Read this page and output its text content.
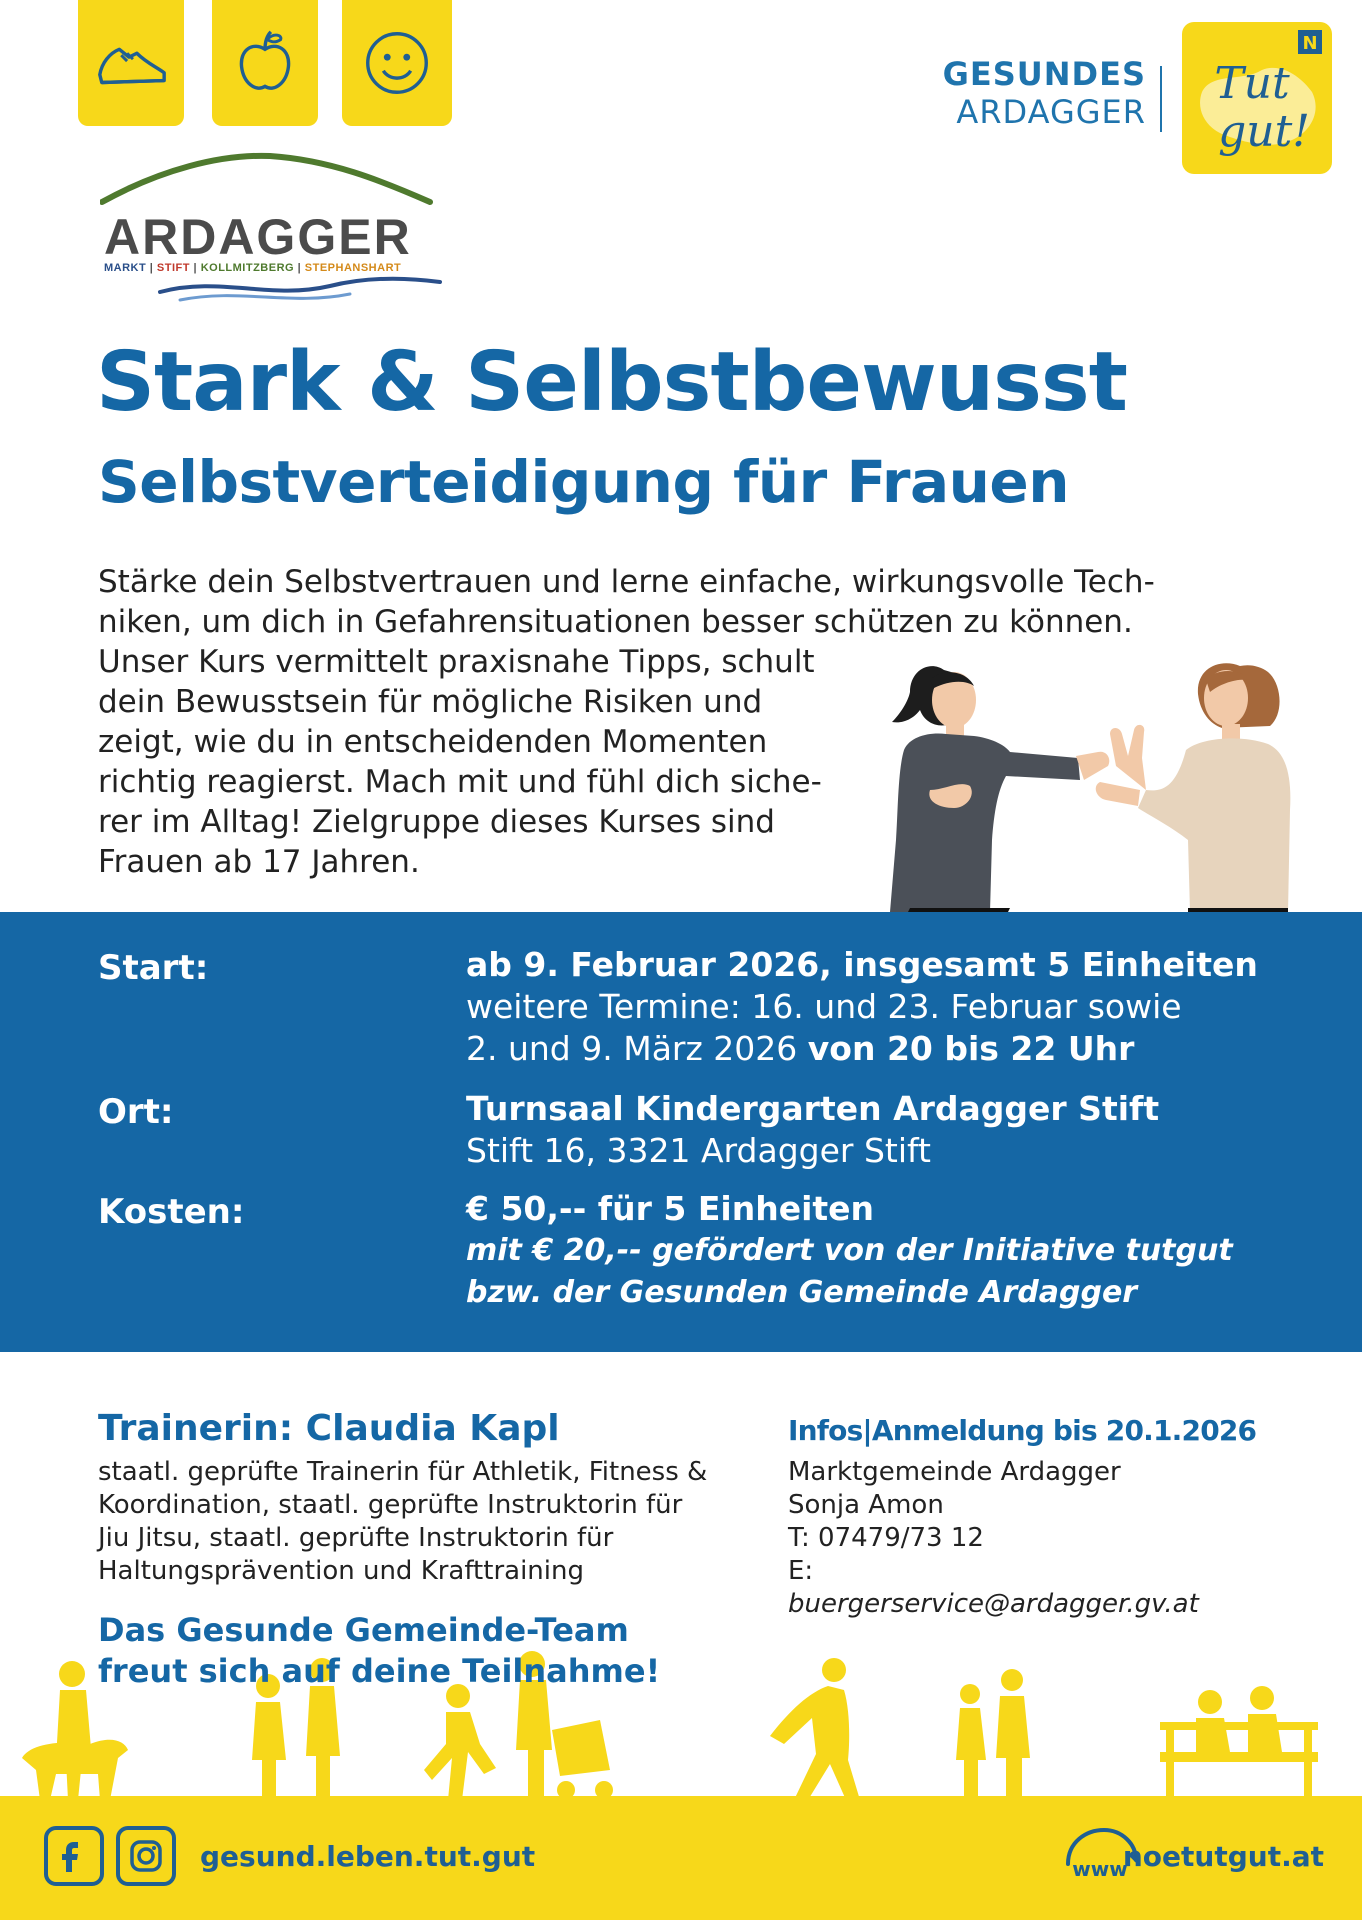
GESUNDES
ARDAGGER
Tut
gut!
N
ARDAGGER
MARKT | STIFT | KOLLMITZBERG | STEPHANSHART
Stark & Selbstbewusst
Selbstverteidigung für Frauen
Stärke dein Selbstvertrauen und lerne einfache, wirkungsvolle Tech-
niken, um dich in Gefahrensituationen besser schützen zu können.
Unser Kurs vermittelt praxisnahe Tipps, schult
dein Bewusstsein für mögliche Risiken und
zeigt, wie du in entscheidenden Momenten
richtig reagierst. Mach mit und fühl dich siche-
rer im Alltag! Zielgruppe dieses Kurses sind
Frauen ab 17 Jahren.
Start:	ab 9. Februar 2026, insgesamt 5 Einheiten
weitere Termine: 16. und 23. Februar sowie
2. und 9. März 2026 von 20 bis 22 Uhr
Ort:	Turnsaal Kindergarten Ardagger Stift
Stift 16, 3321 Ardagger Stift
Kosten:	€ 50,-- für 5 Einheiten
mit € 20,-- gefördert von der Initiative tutgut
bzw. der Gesunden Gemeinde Ardagger
Trainerin: Claudia Kapl
staatl. geprüfte Trainerin für Athletik, Fitness &
Koordination, staatl. geprüfte Instruktorin für
Jiu Jitsu, staatl. geprüfte Instruktorin für
Haltungsprävention und Krafttraining
Infos|Anmeldung bis 20.1.2026
Marktgemeinde Ardagger
Sonja Amon
T: 07479/73 12
E:
buergerservice@ardagger.gv.at
Das Gesunde Gemeinde-Team
freut sich auf deine Teilnahme!
gesund.leben.tut.gut	www
noetutgut.at
